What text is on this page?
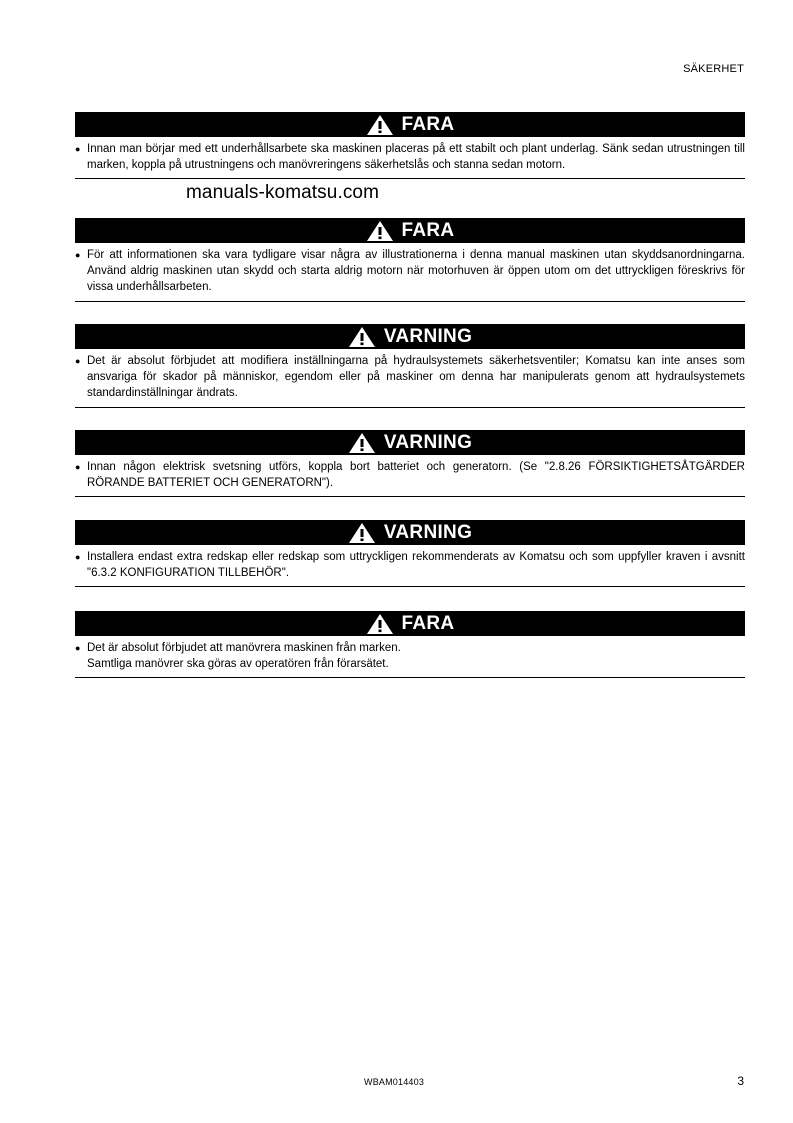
SÄKERHET
FARA
● Innan man börjar med ett underhållsarbete ska maskinen placeras på ett stabilt och plant underlag. Sänk sedan utrustningen till marken, koppla på utrustningens och manövreringens säkerhetslås och stanna sedan motorn.
manuals-komatsu.com
FARA
● För att informationen ska vara tydligare visar några av illustrationerna i denna manual maskinen utan skyddsanordningarna. Använd aldrig maskinen utan skydd och starta aldrig motorn när motorhuven är öppen utom om det uttryckligen föreskrivs för vissa underhållsarbeten.
VARNING
● Det är absolut förbjudet att modifiera inställningarna på hydraulsystemets säkerhetsventiler; Komatsu kan inte anses som ansvariga för skador på människor, egendom eller på maskiner om denna har manipulerats genom att hydraulsystemets standardinställningar ändrats.
VARNING
● Innan någon elektrisk svetsning utförs, koppla bort batteriet och generatorn. (Se "2.8.26 FÖRSIKTIGHETSÅTGÄRDER RÖRANDE BATTERIET OCH GENERATORN").
VARNING
● Installera endast extra redskap eller redskap som uttryckligen rekommenderats av Komatsu och som uppfyller kraven i avsnitt "6.3.2 KONFIGURATION TILLBEHÖR".
FARA
● Det är absolut förbjudet att manövrera maskinen från marken.
Samtliga manövrer ska göras av operatören från förarsätet.
WBAM014403	3
